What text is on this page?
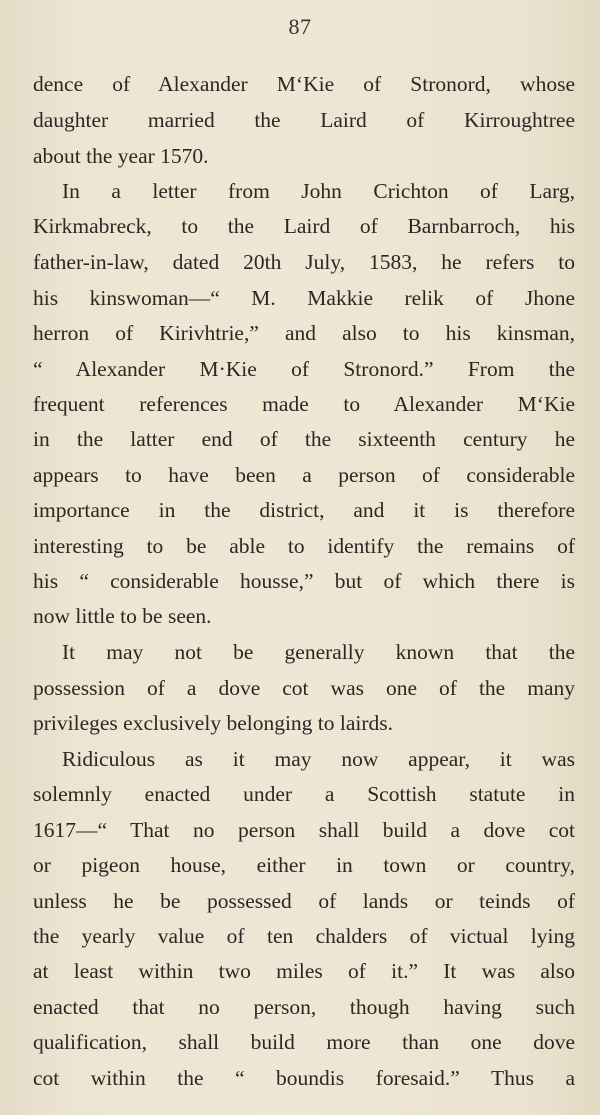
87
dence of Alexander M‘Kie of Stronord, whose
daughter married the Laird of Kirroughtree
about the year 1570.
In a letter from John Crichton of Larg,
Kirkmabreck, to the Laird of Barnbarroch, his
father-in-law, dated 20th July, 1583, he refers to
his kinswoman—“ M. Makkie relik of Jhone
herron of Kirivhtrie,” and also to his kinsman,
“ Alexander M·Kie of Stronord.” From the
frequent references made to Alexander M‘Kie
in the latter end of the sixteenth century he
appears to have been a person of considerable
importance in the district, and it is therefore
interesting to be able to identify the remains of
his “ considerable housse,” but of which there is
now little to be seen.
It may not be generally known that the
possession of a dove cot was one of the many
privileges exclusively belonging to lairds.
Ridiculous as it may now appear, it was
solemnly enacted under a Scottish statute in
1617—“ That no person shall build a dove cot
or pigeon house, either in town or country,
unless he be possessed of lands or teinds of
the yearly value of ten chalders of victual lying
at least within two miles of it.” It was also
enacted that no person, though having such
qualification, shall build more than one dove
cot within the “ boundis foresaid.” Thus a
